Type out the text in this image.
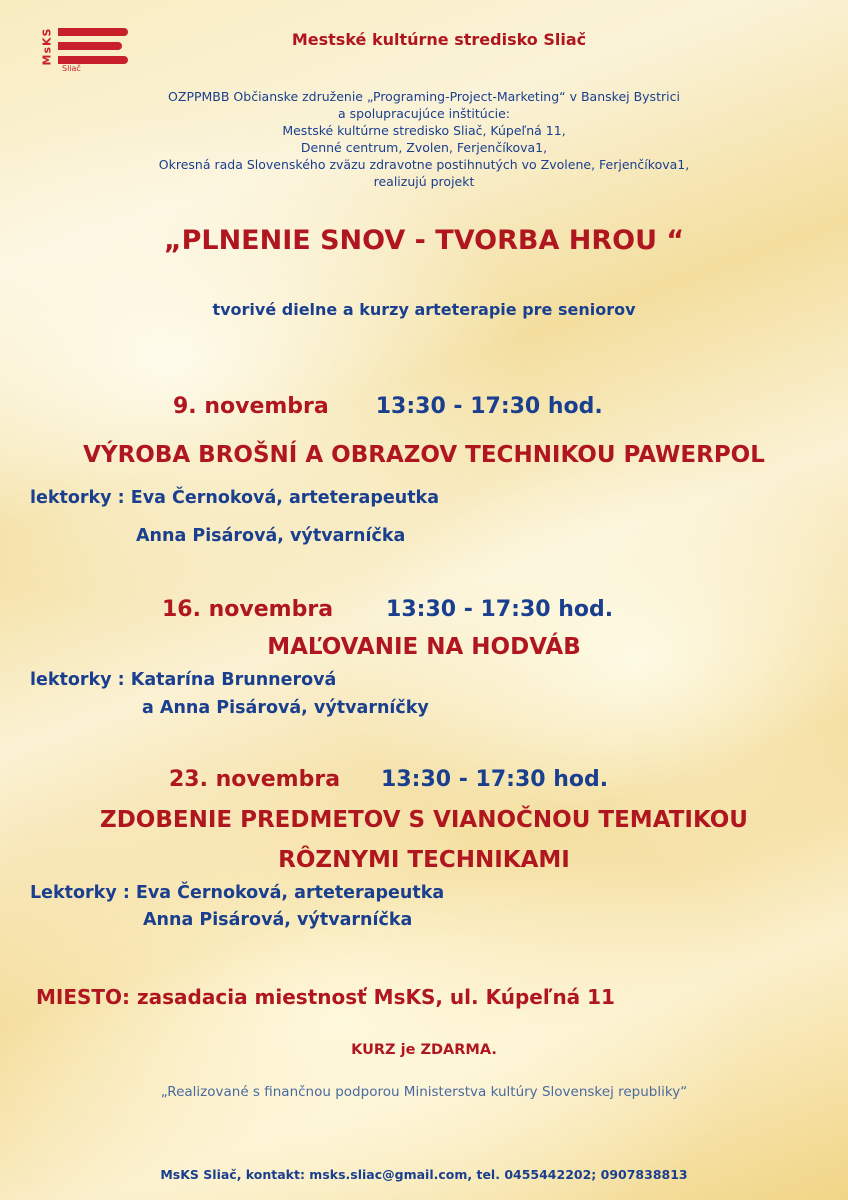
MsKS
Sliač

Mestské kultúrne stredisko Sliač

OZPPMBB Občianske združenie „Programing-Project-Marketing“ v Banskej Bystrici

a spolupracujúce inštitúcie:

Mestské kultúrne stredisko Sliač, Kúpeľná 11,

Denné centrum, Zvolen, Ferjenčíkova1,

Okresná rada Slovenského zväzu zdravotne postihnutých vo Zvolene, Ferjenčíkova1,

realizujú projekt

„PLNENIE SNOV - TVORBA HROU “

tvorivé dielne a kurzy arteterapie pre seniorov

9. novembra 13:30 - 17:30 hod.

VÝROBA BROŠNÍ A OBRAZOV TECHNIKOU PAWERPOL

lektorky : Eva Černoková, arteterapeutka

Anna Pisárová, výtvarníčka

16. novembra 13:30 - 17:30 hod.

MAĽOVANIE NA HODVÁB

lektorky : Katarína Brunnerová

a Anna Pisárová, výtvarníčky

23. novembra 13:30 - 17:30 hod.

ZDOBENIE PREDMETOV S VIANOČNOU TEMATIKOU

RÔZNYMI TECHNIKAMI

Lektorky : Eva Černoková, arteterapeutka

Anna Pisárová, výtvarníčka

MIESTO: zasadacia miestnosť MsKS, ul. Kúpeľná 11

KURZ je ZDARMA.

„Realizované s finančnou podporou Ministerstva kultúry Slovenskej republiky“

MsKS Sliač, kontakt: msks.sliac@gmail.com, tel. 0455442202; 0907838813
